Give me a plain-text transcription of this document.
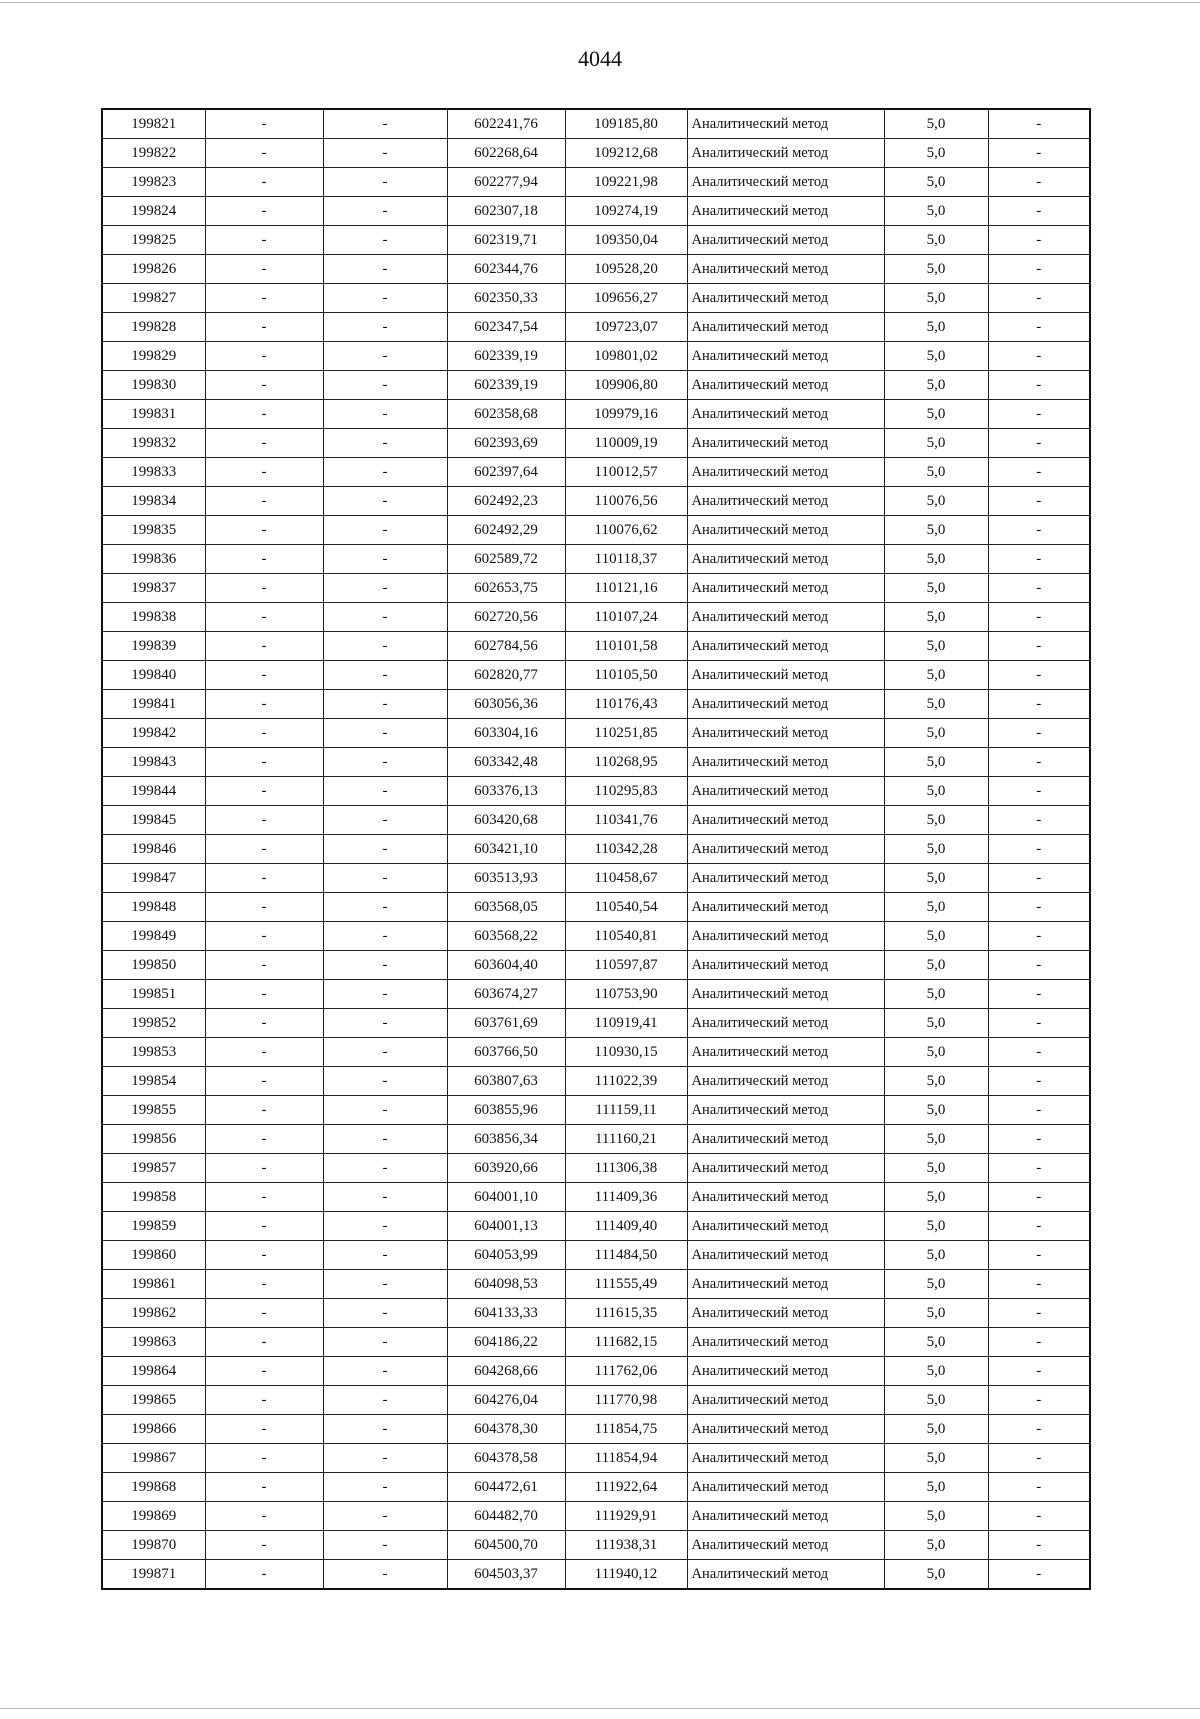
4044
199821	-	-	602241,76	109185,80	Аналитический метод	5,0	-
199822	-	-	602268,64	109212,68	Аналитический метод	5,0	-
199823	-	-	602277,94	109221,98	Аналитический метод	5,0	-
199824	-	-	602307,18	109274,19	Аналитический метод	5,0	-
199825	-	-	602319,71	109350,04	Аналитический метод	5,0	-
199826	-	-	602344,76	109528,20	Аналитический метод	5,0	-
199827	-	-	602350,33	109656,27	Аналитический метод	5,0	-
199828	-	-	602347,54	109723,07	Аналитический метод	5,0	-
199829	-	-	602339,19	109801,02	Аналитический метод	5,0	-
199830	-	-	602339,19	109906,80	Аналитический метод	5,0	-
199831	-	-	602358,68	109979,16	Аналитический метод	5,0	-
199832	-	-	602393,69	110009,19	Аналитический метод	5,0	-
199833	-	-	602397,64	110012,57	Аналитический метод	5,0	-
199834	-	-	602492,23	110076,56	Аналитический метод	5,0	-
199835	-	-	602492,29	110076,62	Аналитический метод	5,0	-
199836	-	-	602589,72	110118,37	Аналитический метод	5,0	-
199837	-	-	602653,75	110121,16	Аналитический метод	5,0	-
199838	-	-	602720,56	110107,24	Аналитический метод	5,0	-
199839	-	-	602784,56	110101,58	Аналитический метод	5,0	-
199840	-	-	602820,77	110105,50	Аналитический метод	5,0	-
199841	-	-	603056,36	110176,43	Аналитический метод	5,0	-
199842	-	-	603304,16	110251,85	Аналитический метод	5,0	-
199843	-	-	603342,48	110268,95	Аналитический метод	5,0	-
199844	-	-	603376,13	110295,83	Аналитический метод	5,0	-
199845	-	-	603420,68	110341,76	Аналитический метод	5,0	-
199846	-	-	603421,10	110342,28	Аналитический метод	5,0	-
199847	-	-	603513,93	110458,67	Аналитический метод	5,0	-
199848	-	-	603568,05	110540,54	Аналитический метод	5,0	-
199849	-	-	603568,22	110540,81	Аналитический метод	5,0	-
199850	-	-	603604,40	110597,87	Аналитический метод	5,0	-
199851	-	-	603674,27	110753,90	Аналитический метод	5,0	-
199852	-	-	603761,69	110919,41	Аналитический метод	5,0	-
199853	-	-	603766,50	110930,15	Аналитический метод	5,0	-
199854	-	-	603807,63	111022,39	Аналитический метод	5,0	-
199855	-	-	603855,96	111159,11	Аналитический метод	5,0	-
199856	-	-	603856,34	111160,21	Аналитический метод	5,0	-
199857	-	-	603920,66	111306,38	Аналитический метод	5,0	-
199858	-	-	604001,10	111409,36	Аналитический метод	5,0	-
199859	-	-	604001,13	111409,40	Аналитический метод	5,0	-
199860	-	-	604053,99	111484,50	Аналитический метод	5,0	-
199861	-	-	604098,53	111555,49	Аналитический метод	5,0	-
199862	-	-	604133,33	111615,35	Аналитический метод	5,0	-
199863	-	-	604186,22	111682,15	Аналитический метод	5,0	-
199864	-	-	604268,66	111762,06	Аналитический метод	5,0	-
199865	-	-	604276,04	111770,98	Аналитический метод	5,0	-
199866	-	-	604378,30	111854,75	Аналитический метод	5,0	-
199867	-	-	604378,58	111854,94	Аналитический метод	5,0	-
199868	-	-	604472,61	111922,64	Аналитический метод	5,0	-
199869	-	-	604482,70	111929,91	Аналитический метод	5,0	-
199870	-	-	604500,70	111938,31	Аналитический метод	5,0	-
199871	-	-	604503,37	111940,12	Аналитический метод	5,0	-
